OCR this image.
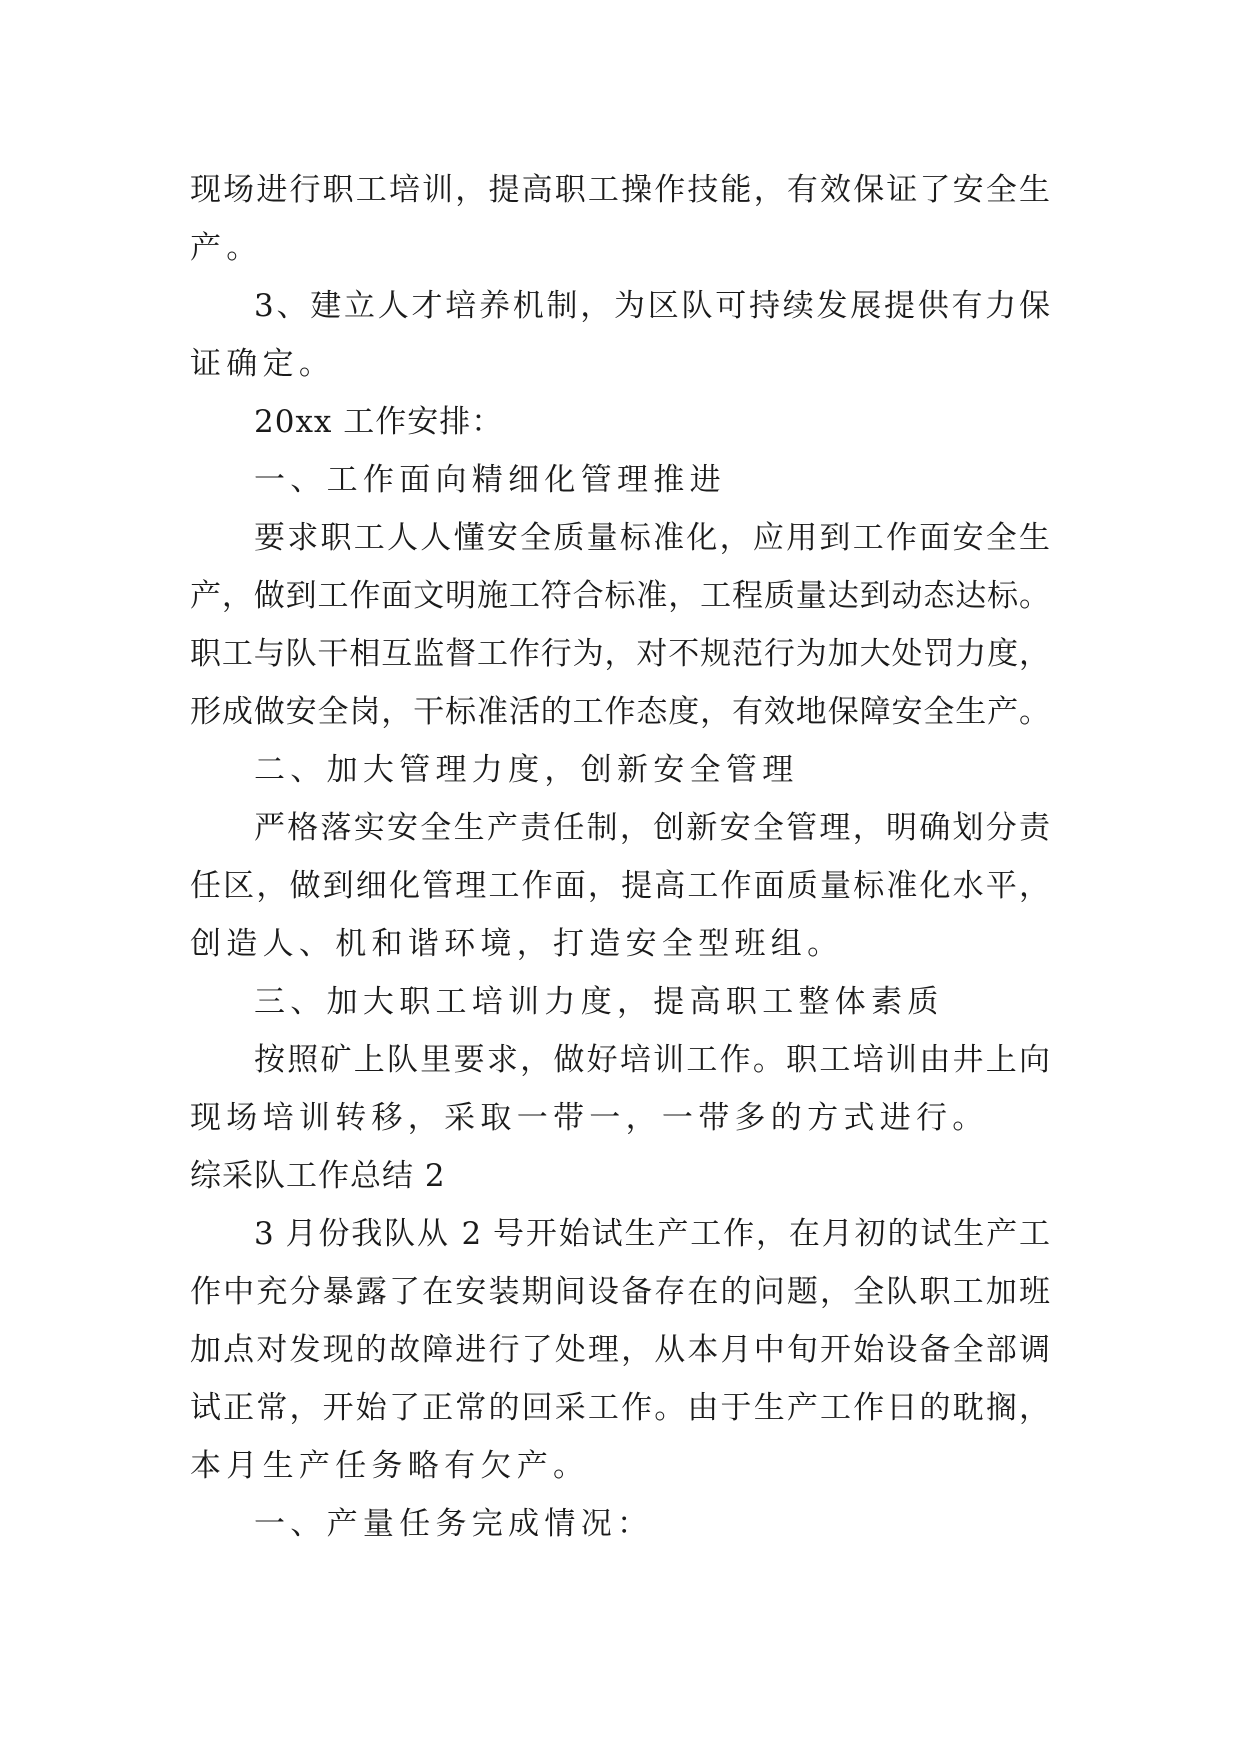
现场进行职工培训，提高职工操作技能，有效保证了安全生
产。
3、建立人才培养机制，为区队可持续发展提供有力保
证确定。
20xx 工作安排：
一、工作面向精细化管理推进
要求职工人人懂安全质量标准化，应用到工作面安全生
产，做到工作面文明施工符合标准，工程质量达到动态达标。
职工与队干相互监督工作行为，对不规范行为加大处罚力度，
形成做安全岗，干标准活的工作态度，有效地保障安全生产。
二、加大管理力度，创新安全管理
严格落实安全生产责任制，创新安全管理，明确划分责
任区，做到细化管理工作面，提高工作面质量标准化水平，
创造人、机和谐环境，打造安全型班组。
三、加大职工培训力度，提高职工整体素质
按照矿上队里要求，做好培训工作。职工培训由井上向
现场培训转移，采取一带一，一带多的方式进行。
综采队工作总结 2
3 月份我队从 2 号开始试生产工作，在月初的试生产工
作中充分暴露了在安装期间设备存在的问题，全队职工加班
加点对发现的故障进行了处理，从本月中旬开始设备全部调
试正常，开始了正常的回采工作。由于生产工作日的耽搁，
本月生产任务略有欠产。
一、产量任务完成情况：
